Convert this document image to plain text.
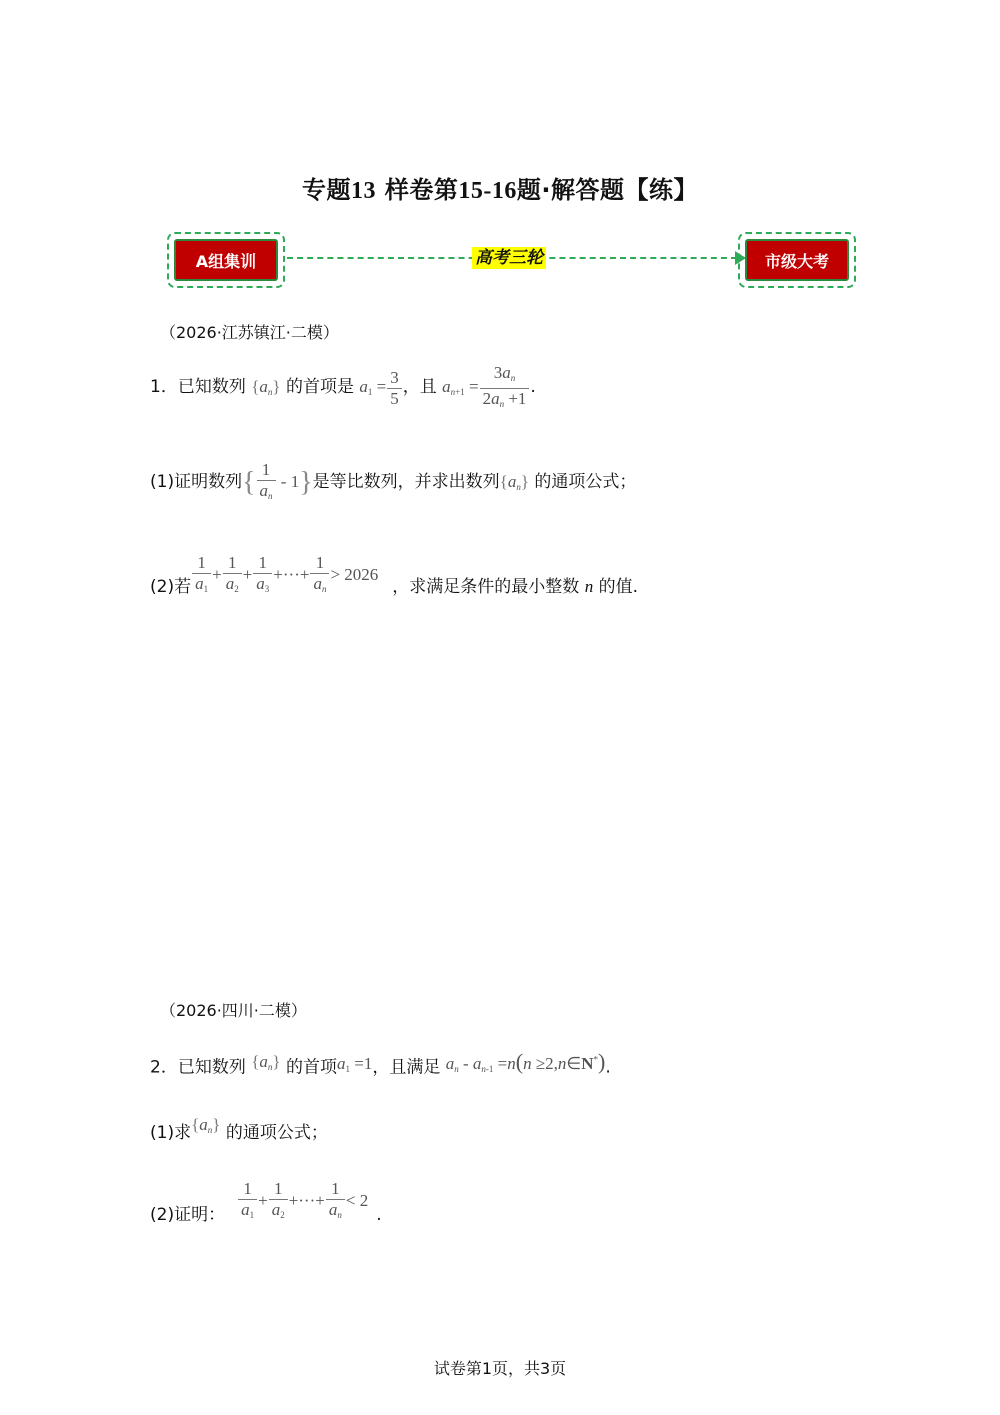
专题13 样卷第15-16题·解答题【练】
A组集训	高考三轮	市级大考
（2026·江苏镇江·二模）
1．已知数列 $\{a_n\}$ 的首项是 $a_1 = \frac{3}{5}$ ，且 $a_{n+1} = \frac{3a_n}{2a_n +1}$ .
(1)证明数列{ $\frac{1}{a_n} - 1$}是等比数列，并求出数列$\{a_n\}$ 的通项公式；
(2)若 $\frac{1}{a_1} + \frac{1}{a_2} + \frac{1}{a_3}$ +···+ $\frac{1}{a_n} > 2026$，求满足条件的最小整数 n 的值.
（2026·四川·二模）
2．已知数列 $\{a_n\}$ 的首项$a_1 =1$，且满足 $a_n - a_{n-1} =n(n$ ≥2,n∈N*).
(1)求$\{a_n\}$ 的通项公式；
(2)证明： $\frac{1}{a_1} + \frac{1}{a_2}$ +···+ $\frac{1}{a_n} < 2$.
试卷第1页，共3页
